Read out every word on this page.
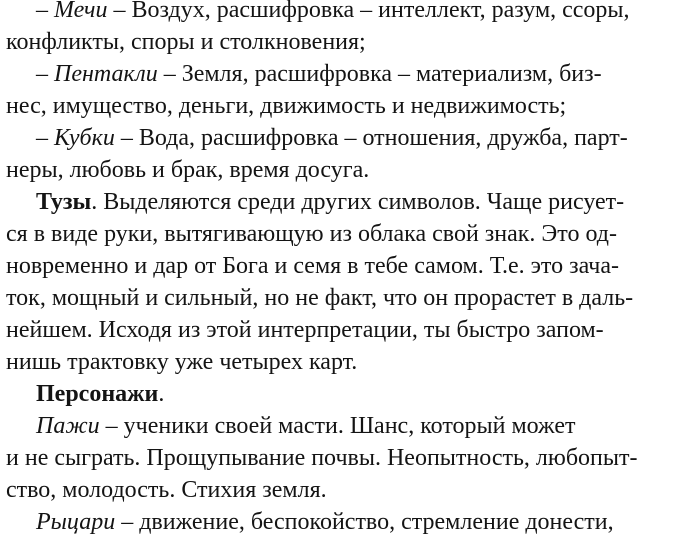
– Мечи – Воздух, расшифровка – интеллект, разум, ссоры,
конфликты, споры и столкновения;
– Пентакли – Земля, расшифровка – материализм, биз-
нес, имущество, деньги, движимость и недвижимость;
– Кубки – Вода, расшифровка – отношения, дружба, парт-
неры, любовь и брак, время досуга.
Тузы. Выделяются среди других символов. Чаще рисует-
ся в виде руки, вытягивающую из облака свой знак. Это од-
новременно и дар от Бога и семя в тебе самом. Т.е. это зача-
ток, мощный и сильный, но не факт, что он прорастет в даль-
нейшем. Исходя из этой интерпретации, ты быстро запом-
нишь трактовку уже четырех карт.
Персонажи.
Пажи – ученики своей масти. Шанс, который может
и не сыграть. Прощупывание почвы. Неопытность, любопыт-
ство, молодость. Стихия земля.
Рыцари – движение, беспокойство, стремление донести,
